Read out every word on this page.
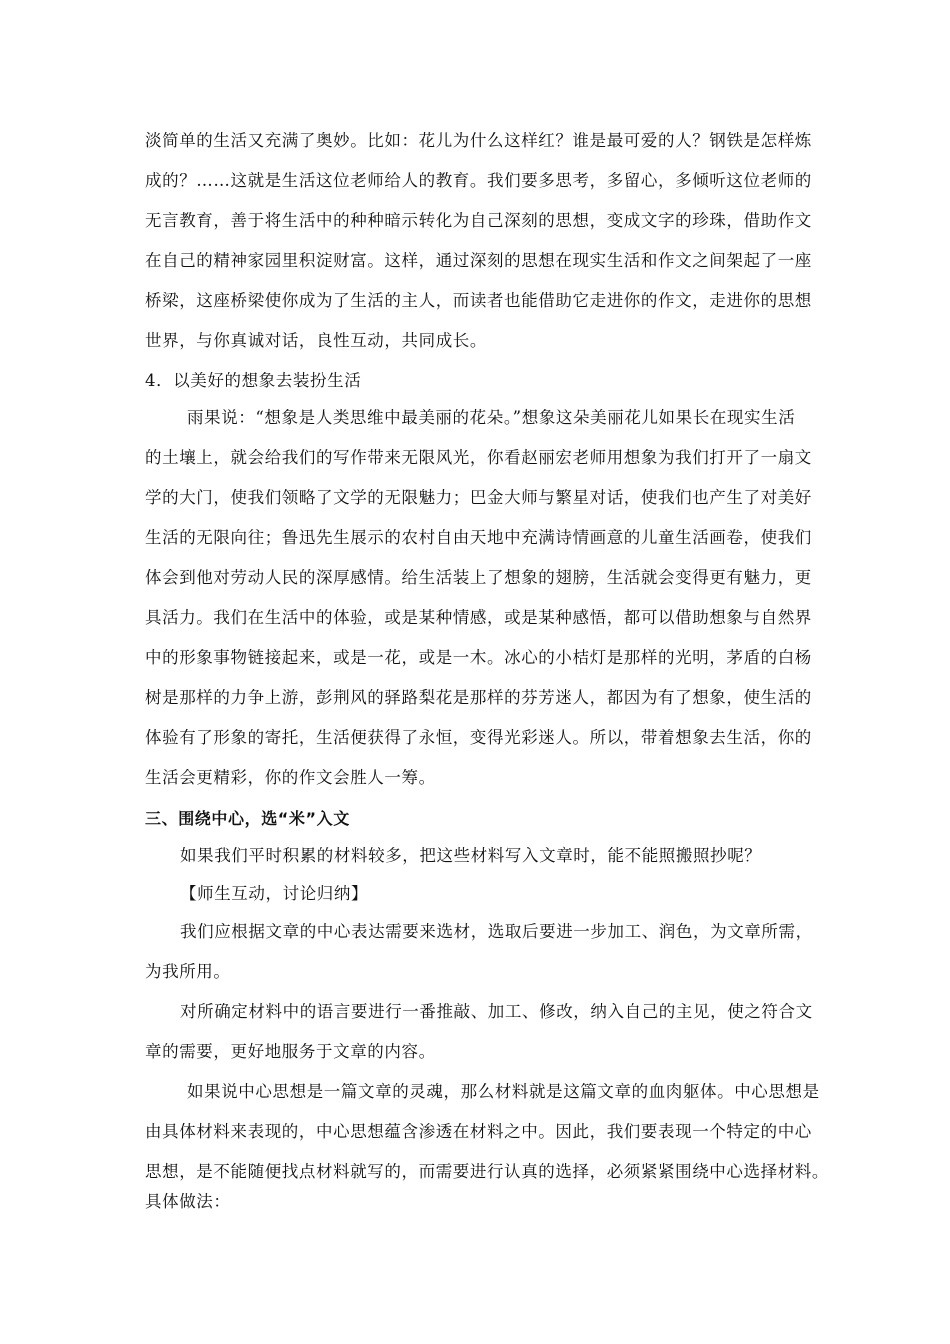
淡简单的生活又充满了奥妙。比如：花儿为什么这样红？谁是最可爱的人？钢铁是怎样炼
成的？……这就是生活这位老师给人的教育。我们要多思考，多留心，多倾听这位老师的
无言教育，善于将生活中的种种暗示转化为自己深刻的思想，变成文字的珍珠，借助作文
在自己的精神家园里积淀财富。这样，通过深刻的思想在现实生活和作文之间架起了一座
桥梁，这座桥梁使你成为了生活的主人，而读者也能借助它走进你的作文，走进你的思想
世界，与你真诚对话，良性互动，共同成长。
4．以美好的想象去装扮生活
雨果说：“想象是人类思维中最美丽的花朵。”想象这朵美丽花儿如果长在现实生活
的土壤上，就会给我们的写作带来无限风光，你看赵丽宏老师用想象为我们打开了一扇文
学的大门，使我们领略了文学的无限魅力；巴金大师与繁星对话，使我们也产生了对美好
生活的无限向往；鲁迅先生展示的农村自由天地中充满诗情画意的儿童生活画卷，使我们
体会到他对劳动人民的深厚感情。给生活装上了想象的翅膀，生活就会变得更有魅力，更
具活力。我们在生活中的体验，或是某种情感，或是某种感悟，都可以借助想象与自然界
中的形象事物链接起来，或是一花，或是一木。冰心的小桔灯是那样的光明，茅盾的白杨
树是那样的力争上游，彭荆风的驿路梨花是那样的芬芳迷人，都因为有了想象，使生活的
体验有了形象的寄托，生活便获得了永恒，变得光彩迷人。所以，带着想象去生活，你的
生活会更精彩，你的作文会胜人一筹。
三、围绕中心，选“米”入文
如果我们平时积累的材料较多，把这些材料写入文章时，能不能照搬照抄呢？
【师生互动，讨论归纳】
我们应根据文章的中心表达需要来选材，选取后要进一步加工、润色，为文章所需，
为我所用。
对所确定材料中的语言要进行一番推敲、加工、修改，纳入自己的主见，使之符合文
章的需要，更好地服务于文章的内容。
如果说中心思想是一篇文章的灵魂，那么材料就是这篇文章的血肉躯体。中心思想是
由具体材料来表现的，中心思想蕴含渗透在材料之中。因此，我们要表现一个特定的中心
思想，是不能随便找点材料就写的，而需要进行认真的选择，必须紧紧围绕中心选择材料。
具体做法：
